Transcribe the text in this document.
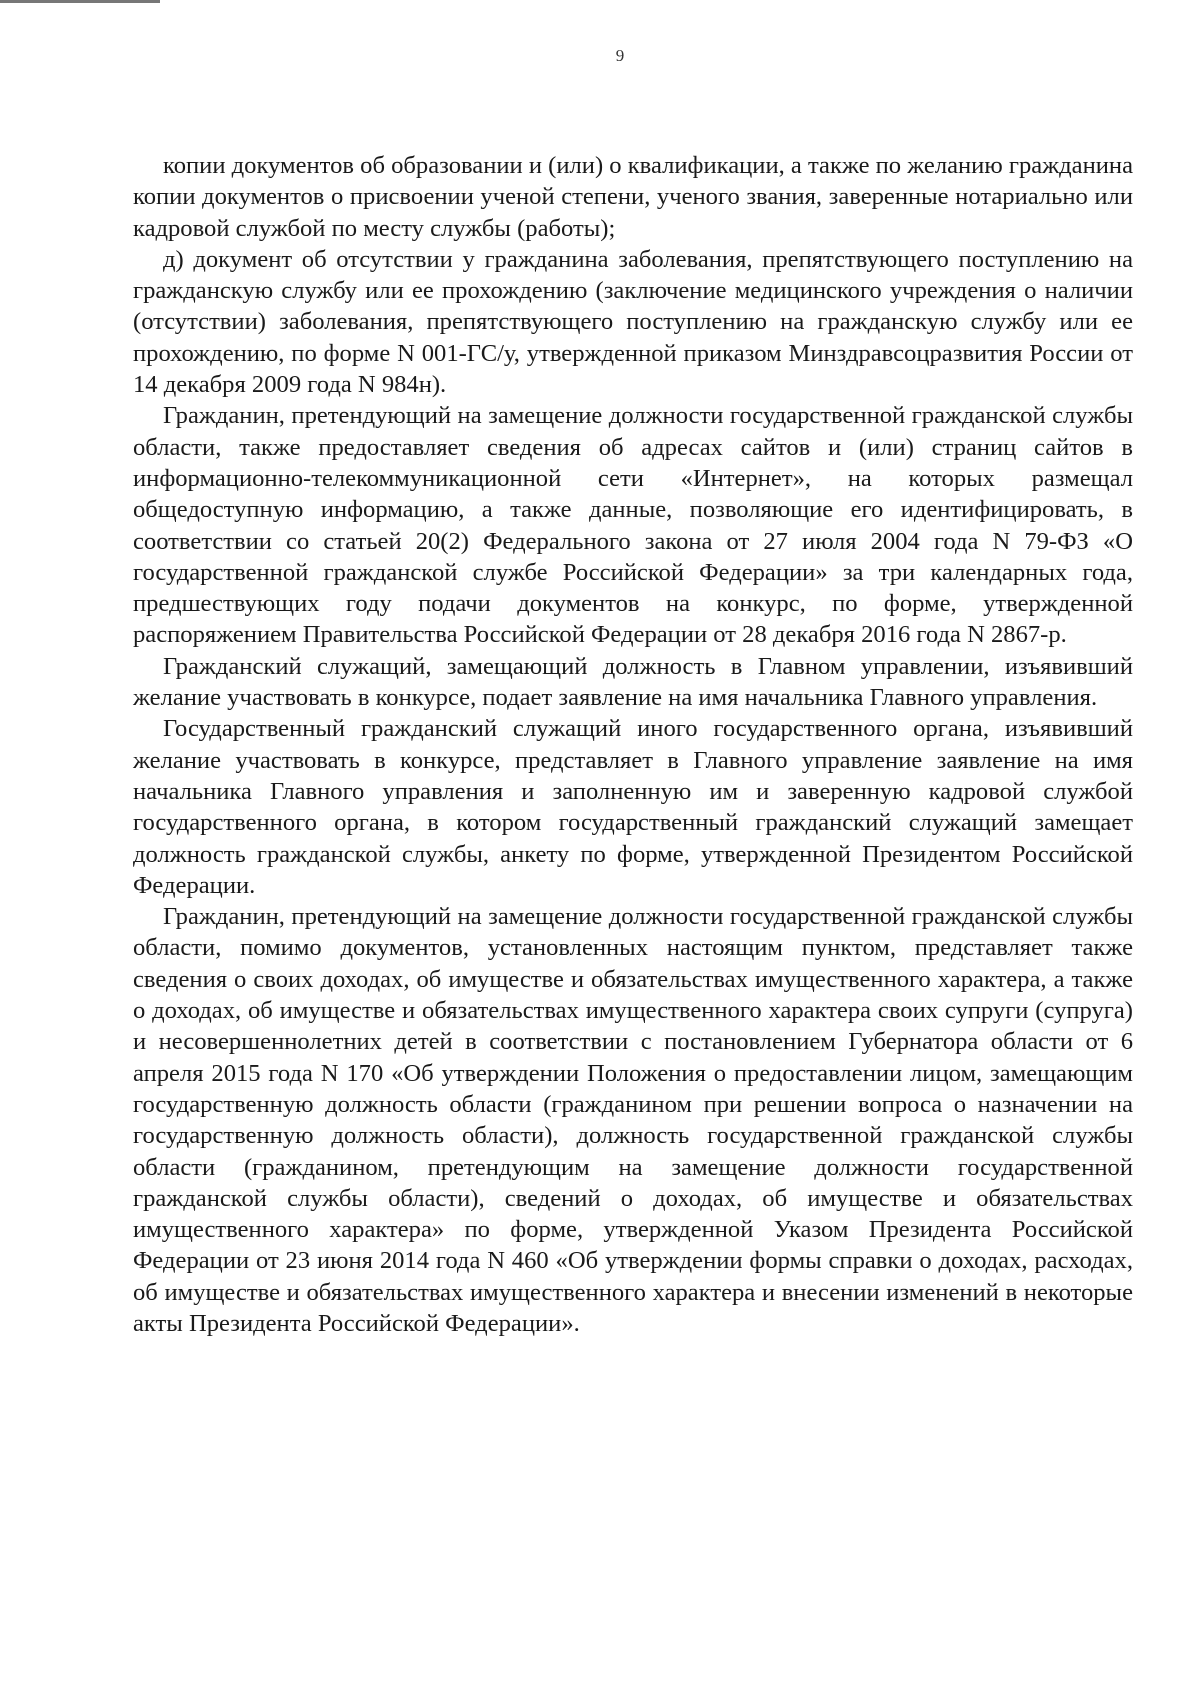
9

копии документов об образовании и (или) о квалификации, а также по желанию гражданина копии документов о присвоении ученой степени, ученого звания, заверенные нотариально или кадровой службой по месту службы (работы);

д) документ об отсутствии у гражданина заболевания, препятствующего поступлению на гражданскую службу или ее прохождению (заключение медицинского учреждения о наличии (отсутствии) заболевания, препятствующего поступлению на гражданскую службу или ее прохождению, по форме N 001-ГС/у, утвержденной приказом Минздравсоцразвития России от 14 декабря 2009 года N 984н).

Гражданин, претендующий на замещение должности государственной гражданской службы области, также предоставляет сведения об адресах сайтов и (или) страниц сайтов в информационно-телекоммуникационной сети «Интернет», на которых размещал общедоступную информацию, а также данные, позволяющие его идентифицировать, в соответствии со статьей 20(2) Федерального закона от 27 июля 2004 года N 79-ФЗ «О государственной гражданской службе Российской Федерации» за три календарных года, предшествующих году подачи документов на конкурс, по форме, утвержденной распоряжением Правительства Российской Федерации от 28 декабря 2016 года N 2867-р.

Гражданский служащий, замещающий должность в Главном управлении, изъявивший желание участвовать в конкурсе, подает заявление на имя начальника Главного управления.

Государственный гражданский служащий иного государственного органа, изъявивший желание участвовать в конкурсе, представляет в Главного управление заявление на имя начальника Главного управления и заполненную им и заверенную кадровой службой государственного органа, в котором государственный гражданский служащий замещает должность гражданской службы, анкету по форме, утвержденной Президентом Российской Федерации.

Гражданин, претендующий на замещение должности государственной гражданской службы области, помимо документов, установленных настоящим пунктом, представляет также сведения о своих доходах, об имуществе и обязательствах имущественного характера, а также о доходах, об имуществе и обязательствах имущественного характера своих супруги (супруга) и несовершеннолетних детей в соответствии с постановлением Губернатора области от 6 апреля 2015 года N 170 «Об утверждении Положения о предоставлении лицом, замещающим государственную должность области (гражданином при решении вопроса о назначении на государственную должность области), должность государственной гражданской службы области (гражданином, претендующим на замещение должности государственной гражданской службы области), сведений о доходах, об имуществе и обязательствах имущественного характера» по форме, утвержденной Указом Президента Российской Федерации от 23 июня 2014 года N 460 «Об утверждении формы справки о доходах, расходах, об имуществе и обязательствах имущественного характера и внесении изменений в некоторые акты Президента Российской Федерации».
